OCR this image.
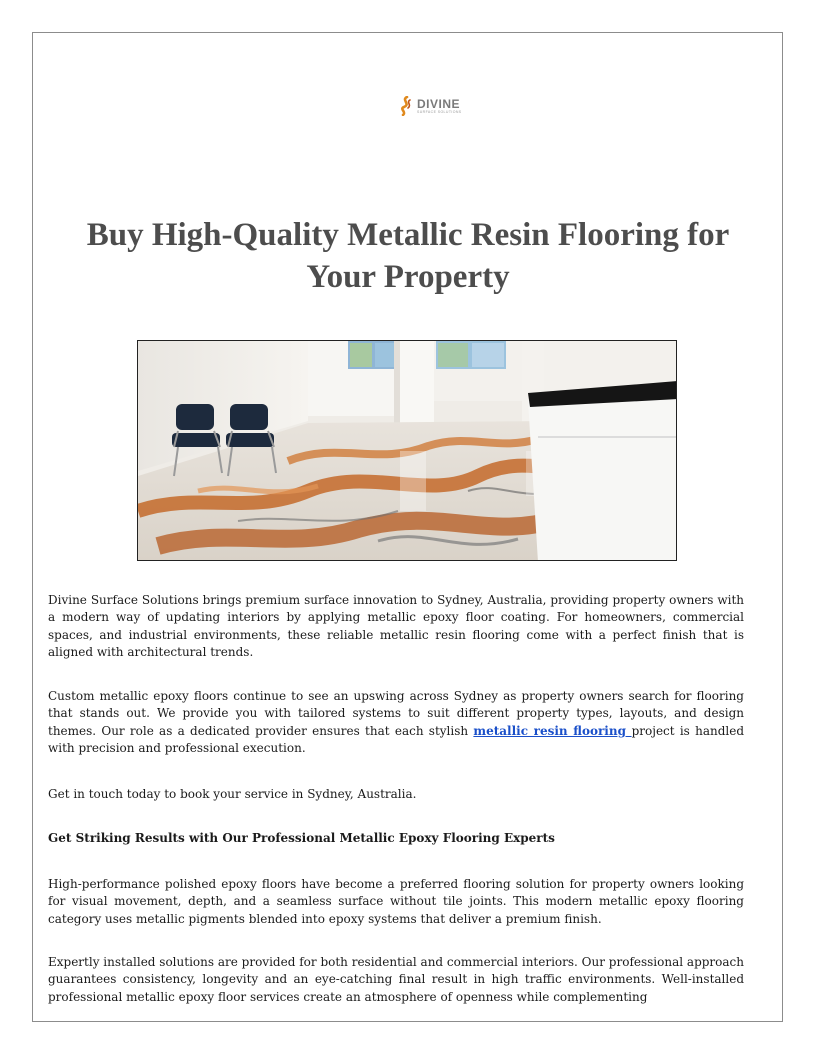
DIVINE
SURFACE SOLUTIONS
Buy High-Quality Metallic Resin Flooring for Your Property

Divine Surface Solutions brings premium surface innovation to Sydney, Australia, providing property owners with a modern way of updating interiors by applying metallic epoxy floor coating. For homeowners, commercial spaces, and industrial environments, these reliable metallic resin flooring come with a perfect finish that is aligned with architectural trends.

Custom metallic epoxy floors continue to see an upswing across Sydney as property owners search for flooring that stands out. We provide you with tailored systems to suit different property types, layouts, and design themes. Our role as a dedicated provider ensures that each stylish metallic resin flooring project is handled with precision and professional execution.

Get in touch today to book your service in Sydney, Australia.

Get Striking Results with Our Professional Metallic Epoxy Flooring Experts

High-performance polished epoxy floors have become a preferred flooring solution for property owners looking for visual movement, depth, and a seamless surface without tile joints. This modern metallic epoxy flooring category uses metallic pigments blended into epoxy systems that deliver a premium finish.

Expertly installed solutions are provided for both residential and commercial interiors. Our professional approach guarantees consistency, longevity and an eye-catching final result in high traffic environments. Well-installed professional metallic epoxy floor services create an atmosphere of openness while complementing
